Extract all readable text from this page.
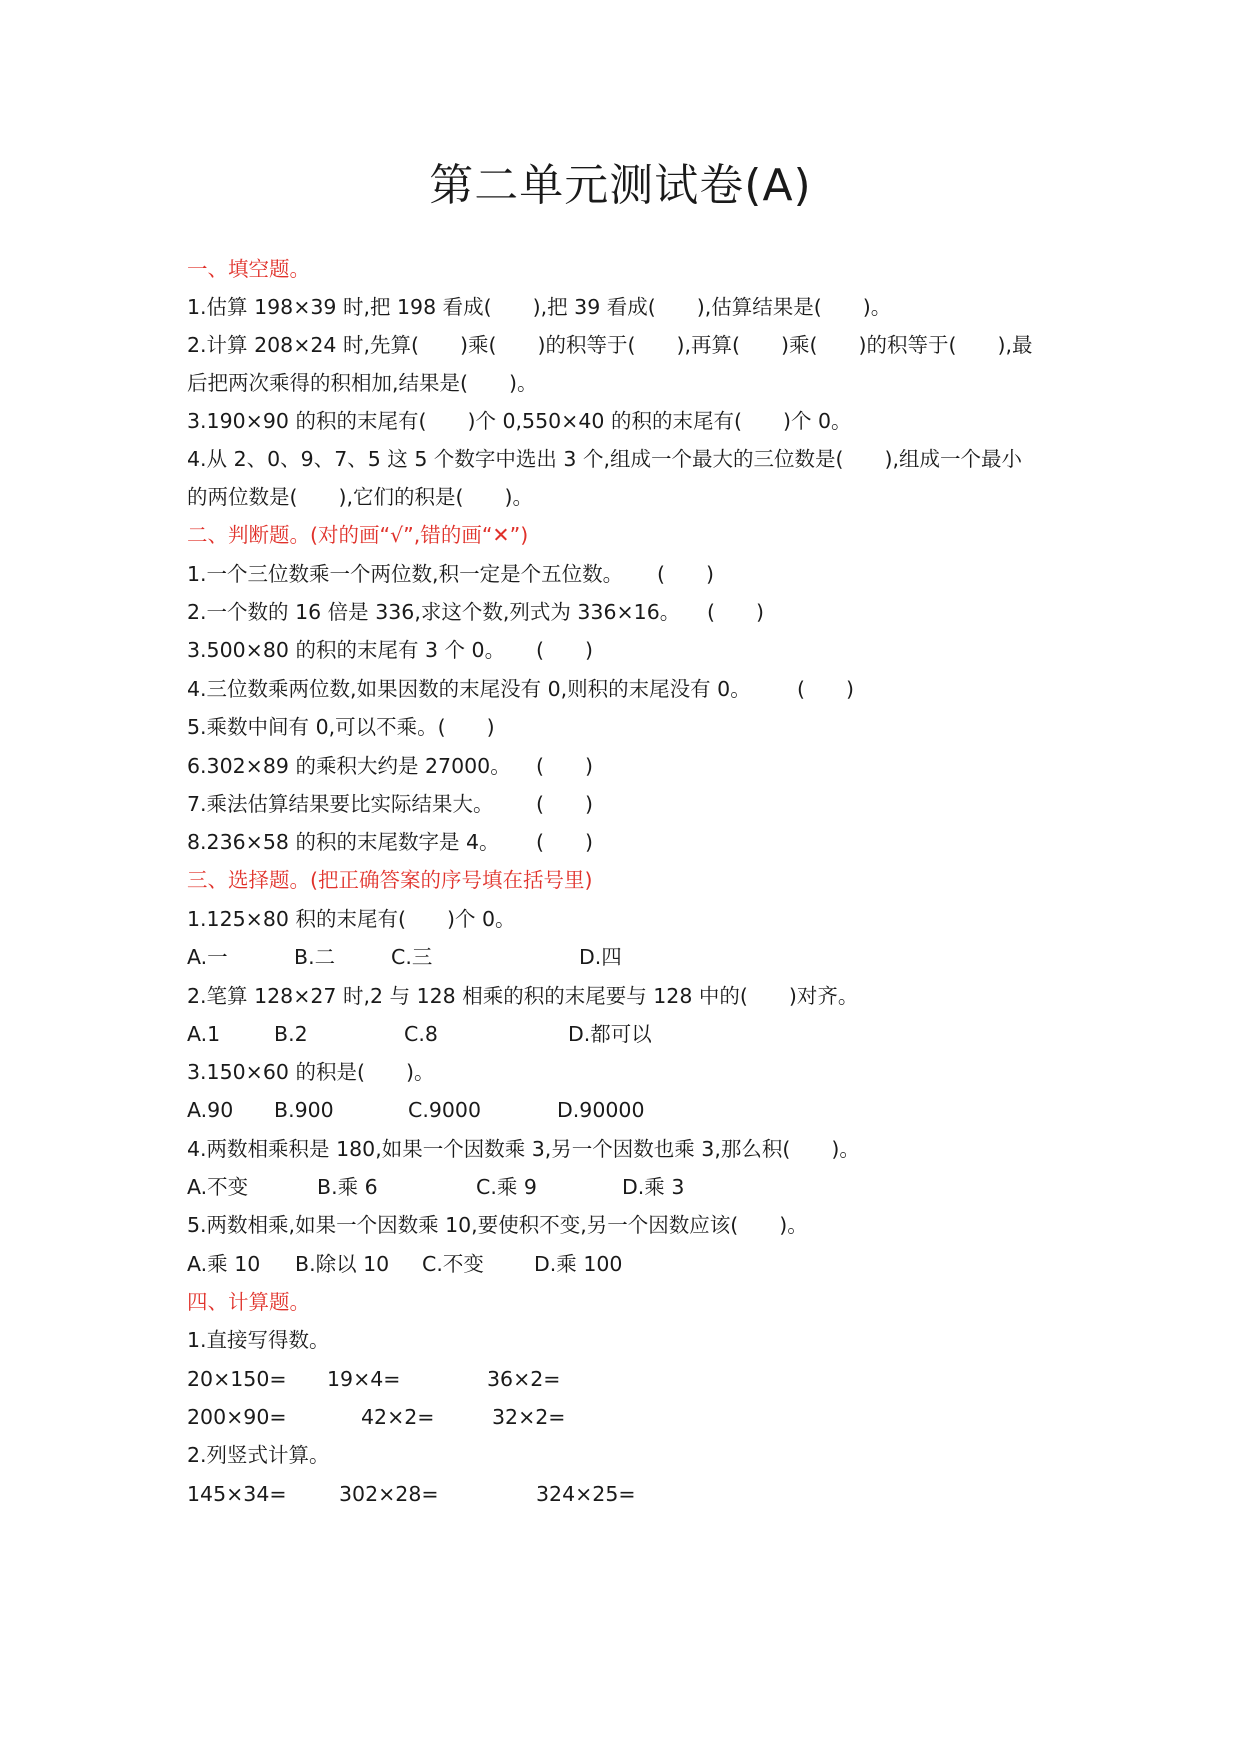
第二单元测试卷(A)
一、填空题。
1.估算 198×39 时,把 198 看成(　　),把 39 看成(　　),估算结果是(　　)。
2.计算 208×24 时,先算(　　)乘(　　)的积等于(　　),再算(　　)乘(　　)的积等于(　　),最
后把两次乘得的积相加,结果是(　　)。
3.190×90 的积的末尾有(　　)个 0,550×40 的积的末尾有(　　)个 0。
4.从 2、0、9、7、5 这 5 个数字中选出 3 个,组成一个最大的三位数是(　　),组成一个最小
的两位数是(　　),它们的积是(　　)。
二、判断题。(对的画“√”,错的画“✕”)

1.一个三位数乘一个两位数,积一定是个五位数。

(　　)

2.一个数的 16 倍是 336,求这个数,列式为 336×16。

(　　)

3.500×80 的积的末尾有 3 个 0。

(　　)

4.三位数乘两位数,如果因数的末尾没有 0,则积的末尾没有 0。

(　　)

5.乘数中间有 0,可以不乘。(　　)

6.302×89 的乘积大约是 27000。

(　　)

7.乘法估算结果要比实际结果大。

(　　)

8.236×58 的积的末尾数字是 4。

(　　)

三、选择题。(把正确答案的序号填在括号里)
1.125×80 积的末尾有(　　)个 0。

A.一

	B.二

	C.三

	D.四

2.笔算 128×27 时,2 与 128 相乘的积的末尾要与 128 中的(　　)对齐。

A.1

	B.2

	C.8

	D.都可以

3.150×60 的积是(　　)。

A.90

B.900

	C.9000

	D.90000

4.两数相乘积是 180,如果一个因数乘 3,另一个因数也乘 3,那么积(　　)。

A.不变

	B.乘 6

	C.乘 9

	D.乘 3

5.两数相乘,如果一个因数乘 10,要使积不变,另一个因数应该(　　)。

A.乘 10

B.除以 10

C.不变

D.乘 100

四、计算题。
1.直接写得数。

20×150=

19×4=

	36×2=

200×90=

	42×2=

	32×2=

2.列竖式计算。

145×34=

	302×28=

	324×25=
